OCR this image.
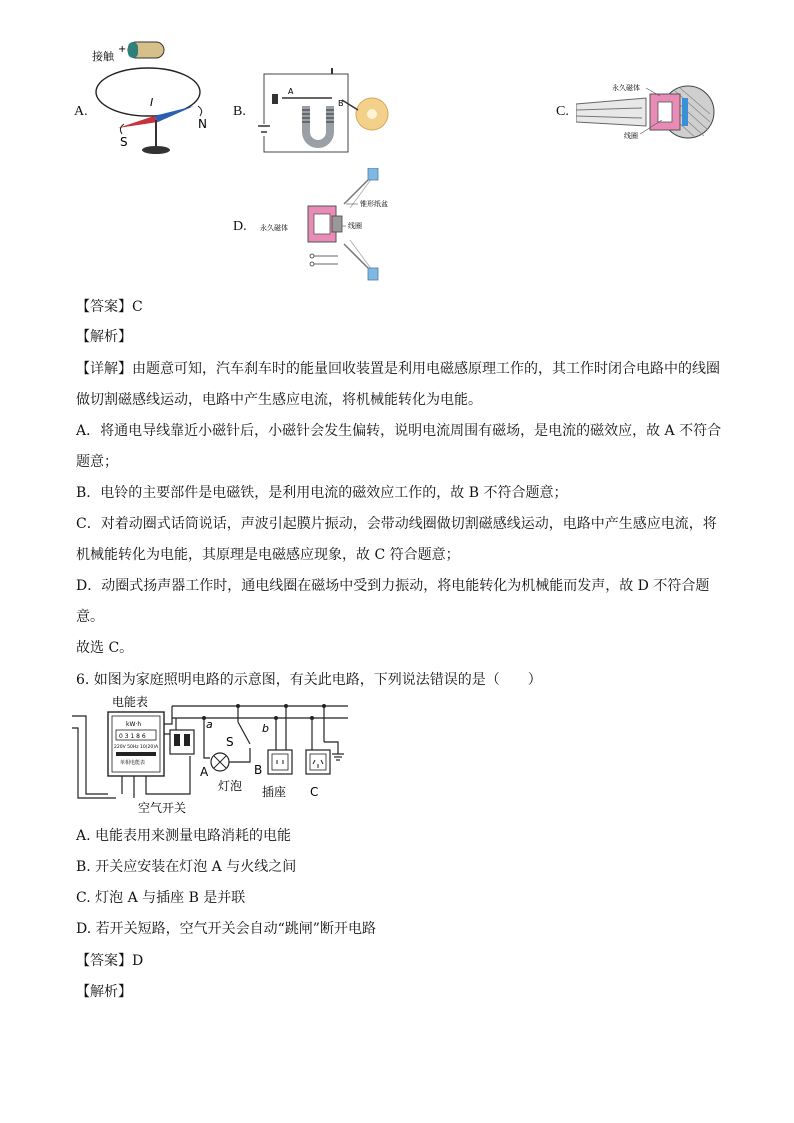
A.
接触
+
I
N
S
B.
A
B
C.
永久磁体
线圈
D. 永久磁体
锥形纸盆
线圈
【答案】C
【解析】
【详解】由题意可知，汽车刹车时的能量回收装置是利用电磁感原理工作的，其工作时闭合电路中的线圈
做切割磁感线运动，电路中产生感应电流，将机械能转化为电能。
A．将通电导线靠近小磁针后，小磁针会发生偏转，说明电流周围有磁场，是电流的磁效应，故 A 不符合
题意；
B．电铃的主要部件是电磁铁，是利用电流的磁效应工作的，故 B 不符合题意；
C．对着动圈式话筒说话，声波引起膜片振动，会带动线圈做切割磁感线运动，电路中产生感应电流，将
机械能转化为电能，其原理是电磁感应现象，故 C 符合题意；
D．动圈式扬声器工作时，通电线圈在磁场中受到力振动，将电能转化为机械能而发声，故 D 不符合题
意。
故选 C。
6. 如图为家庭照明电路的示意图，有关此电路，下列说法错误的是（　　）
电能表
kW·h
0 3 1 8 6
220V 50Hz 10(20)A
单相电能表
空气开关
a
A
灯泡
S
b
B
插座 C
A. 电能表用来测量电路消耗的电能
B. 开关应安装在灯泡 A 与火线之间
C. 灯泡 A 与插座 B 是并联
D. 若开关短路，空气开关会自动“跳闸”断开电路
【答案】D
【解析】
